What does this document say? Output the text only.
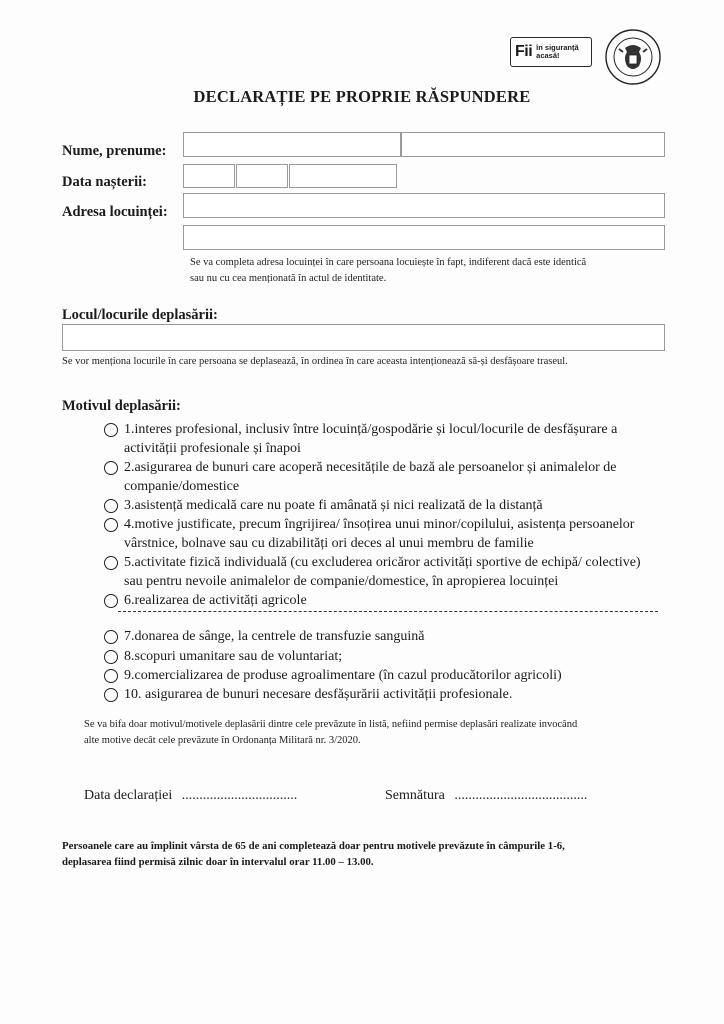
Fii în siguranță
acasă!
DECLARAȚIE PE PROPRIE RĂSPUNDERE
Nume, prenume:
Data nașterii:
Adresa locuinței:
Se va completa adresa locuinței în care persoana locuiește în fapt, indiferent dacă este identică
sau nu cu cea menționată în actul de identitate.
Locul/locurile deplasării:
Se vor menționa locurile în care persoana se deplasează, în ordinea în care aceasta intenționează să-și desfășoare traseul.
Motivul deplasării:
1.interes profesional, inclusiv între locuință/gospodărie și locul/locurile de desfășurare a
activității profesionale și înapoi
2.asigurarea de bunuri care acoperă necesitățile de bază ale persoanelor și animalelor de
companie/domestice
3.asistență medicală care nu poate fi amânată și nici realizată de la distanță
4.motive justificate, precum îngrijirea/ însoțirea unui minor/copilului, asistența persoanelor
vârstnice, bolnave sau cu dizabilități ori deces al unui membru de familie
5.activitate fizică individuală (cu excluderea oricăror activități sportive de echipă/ colective)
sau pentru nevoile animalelor de companie/domestice, în apropierea locuinței
6.realizarea de activități agricole
7.donarea de sânge, la centrele de transfuzie sanguină
8.scopuri umanitare sau de voluntariat;
9.comercializarea de produse agroalimentare (în cazul producătorilor agricoli)
10. asigurarea de bunuri necesare desfășurării activității profesionale.
Se va bifa doar motivul/motivele deplasării dintre cele prevăzute în listă, nefiind permise deplasări realizate invocând
alte motive decât cele prevăzute în Ordonanța Militară nr. 3/2020.
Data declarației .................................	Semnătura ......................................
Persoanele care au împlinit vârsta de 65 de ani completează doar pentru motivele prevăzute în câmpurile 1-6,
deplasarea fiind permisă zilnic doar în intervalul orar 11.00 – 13.00.
